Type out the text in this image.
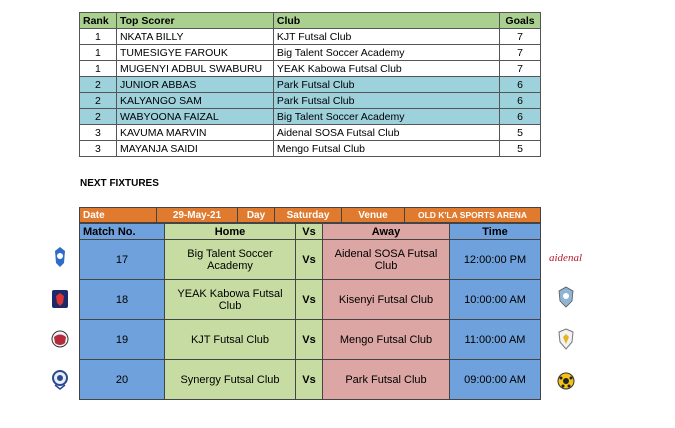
Rank	Top Scorer	Club	Goals
1	NKATA BILLY	KJT Futsal Club	7
1	TUMESIGYE FAROUK	Big Talent Soccer Academy	7
1	MUGENYI ADBUL SWABURU	YEAK Kabowa Futsal Club	7
2	JUNIOR ABBAS	Park Futsal Club	6
2	KALYANGO SAM	Park Futsal Club	6
2	WABYOONA FAIZAL	Big Talent Soccer Academy	6
3	KAVUMA MARVIN	Aidenal SOSA Futsal Club	5
3	MAYANJA SAIDI	Mengo Futsal Club	5
NEXT FIXTURES
Date	29-May-21	Day	Saturday	Venue	OLD K'LA SPORTS ARENA
Match No.	Home	Vs	Away	Time
17	Big Talent Soccer Academy	Vs	Aidenal SOSA Futsal Club	12:00:00 PM
18	YEAK Kabowa Futsal Club	Vs	Kisenyi Futsal Club	10:00:00 AM
19	KJT Futsal Club	Vs	Mengo Futsal Club	11:00:00 AM
20	Synergy Futsal Club	Vs	Park Futsal Club	09:00:00 AM
aidenal
